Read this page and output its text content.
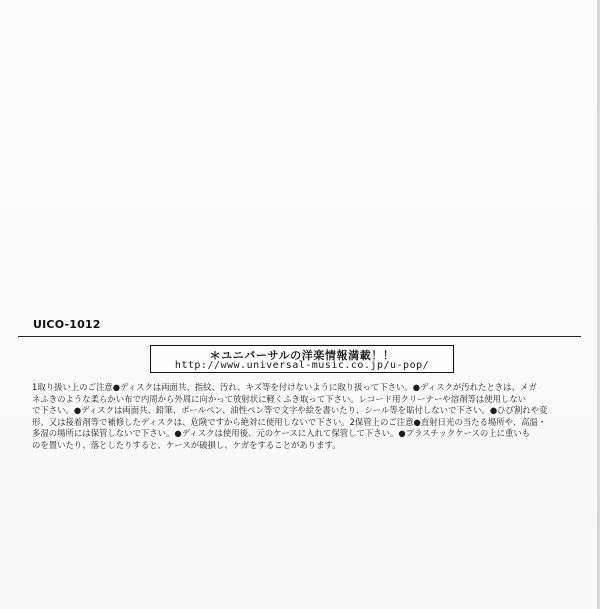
UICO-1012
＊ユニバーサルの洋楽情報満載！！
http://www.universal-music.co.jp/u-pop/
1取り扱い上のご注意●ディスクは両面共、指紋、汚れ、キズ等を付けないように取り扱って下さい。●ディスクが汚れたときは、メガ
ネふきのような柔らかい布で内周から外周に向かって放射状に軽くふき取って下さい。レコード用クリーナーや溶剤等は使用しない
で下さい。●ディスクは両面共、鉛筆、ボールペン、油性ペン等で文字や絵を書いたり、シール等を貼付しないで下さい。●ひび割れや変
形、又は接着剤等で補修したディスクは、危険ですから絶対に使用しないで下さい。2保管上のご注意●直射日光の当たる場所や、高温・
多湿の場所には保管しないで下さい。●ディスクは使用後、元のケースに入れて保管して下さい。●プラスチックケースの上に重いも
のを置いたり、落としたりすると、ケースが破損し、ケガをすることがあります。
